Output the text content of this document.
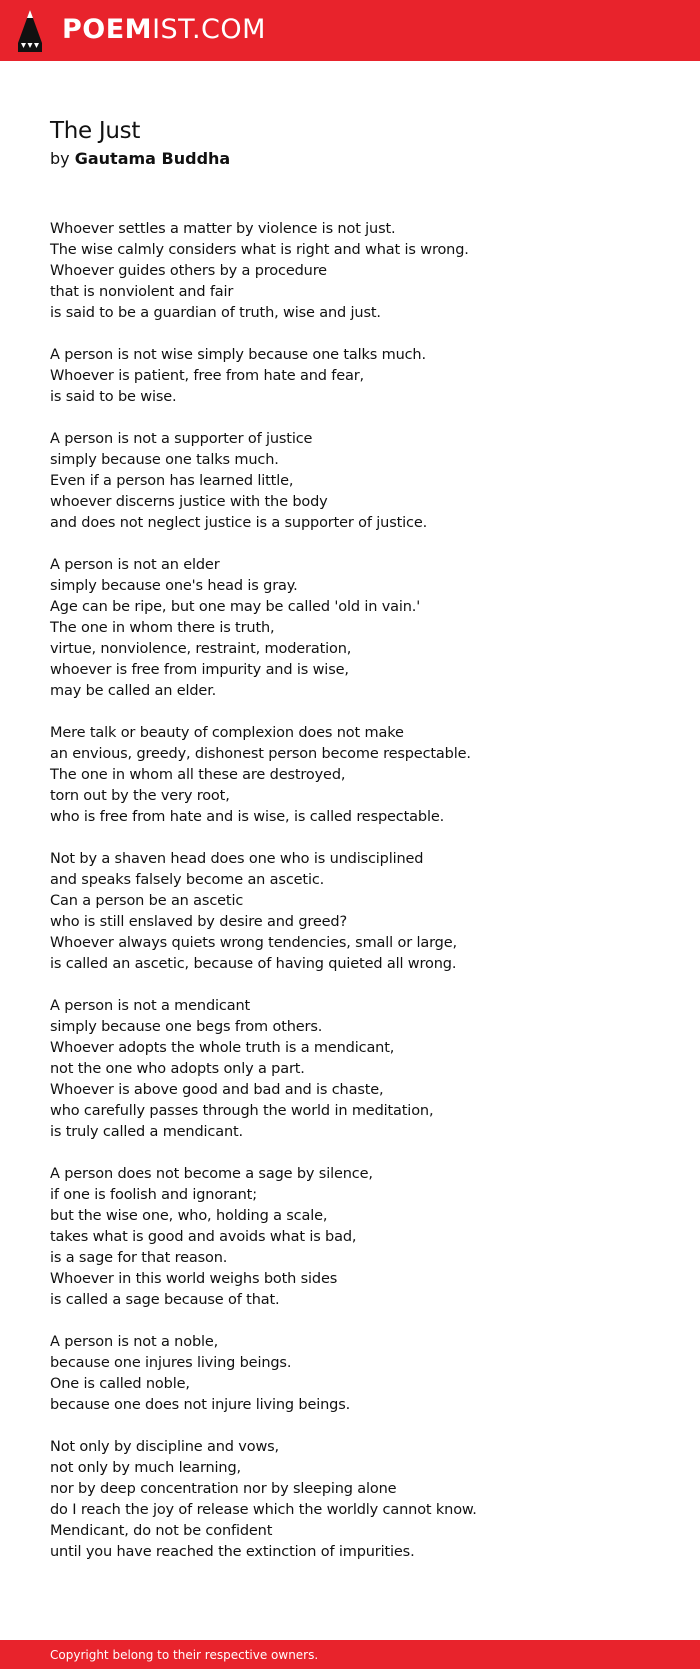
POEMIST.COM
The Just
by Gautama Buddha
Whoever settles a matter by violence is not just.
The wise calmly considers what is right and what is wrong.
Whoever guides others by a procedure
that is nonviolent and fair
is said to be a guardian of truth, wise and just.
A person is not wise simply because one talks much.
Whoever is patient, free from hate and fear,
is said to be wise.
A person is not a supporter of justice
simply because one talks much.
Even if a person has learned little,
whoever discerns justice with the body
and does not neglect justice is a supporter of justice.
A person is not an elder
simply because one's head is gray.
Age can be ripe, but one may be called 'old in vain.'
The one in whom there is truth,
virtue, nonviolence, restraint, moderation,
whoever is free from impurity and is wise,
may be called an elder.
Mere talk or beauty of complexion does not make
an envious, greedy, dishonest person become respectable.
The one in whom all these are destroyed,
torn out by the very root,
who is free from hate and is wise, is called respectable.
Not by a shaven head does one who is undisciplined
and speaks falsely become an ascetic.
Can a person be an ascetic
who is still enslaved by desire and greed?
Whoever always quiets wrong tendencies, small or large,
is called an ascetic, because of having quieted all wrong.
A person is not a mendicant
simply because one begs from others.
Whoever adopts the whole truth is a mendicant,
not the one who adopts only a part.
Whoever is above good and bad and is chaste,
who carefully passes through the world in meditation,
is truly called a mendicant.
A person does not become a sage by silence,
if one is foolish and ignorant;
but the wise one, who, holding a scale,
takes what is good and avoids what is bad,
is a sage for that reason.
Whoever in this world weighs both sides
is called a sage because of that.
A person is not a noble,
because one injures living beings.
One is called noble,
because one does not injure living beings.
Not only by discipline and vows,
not only by much learning,
nor by deep concentration nor by sleeping alone
do I reach the joy of release which the worldly cannot know.
Mendicant, do not be confident
until you have reached the extinction of impurities.
Copyright belong to their respective owners.
